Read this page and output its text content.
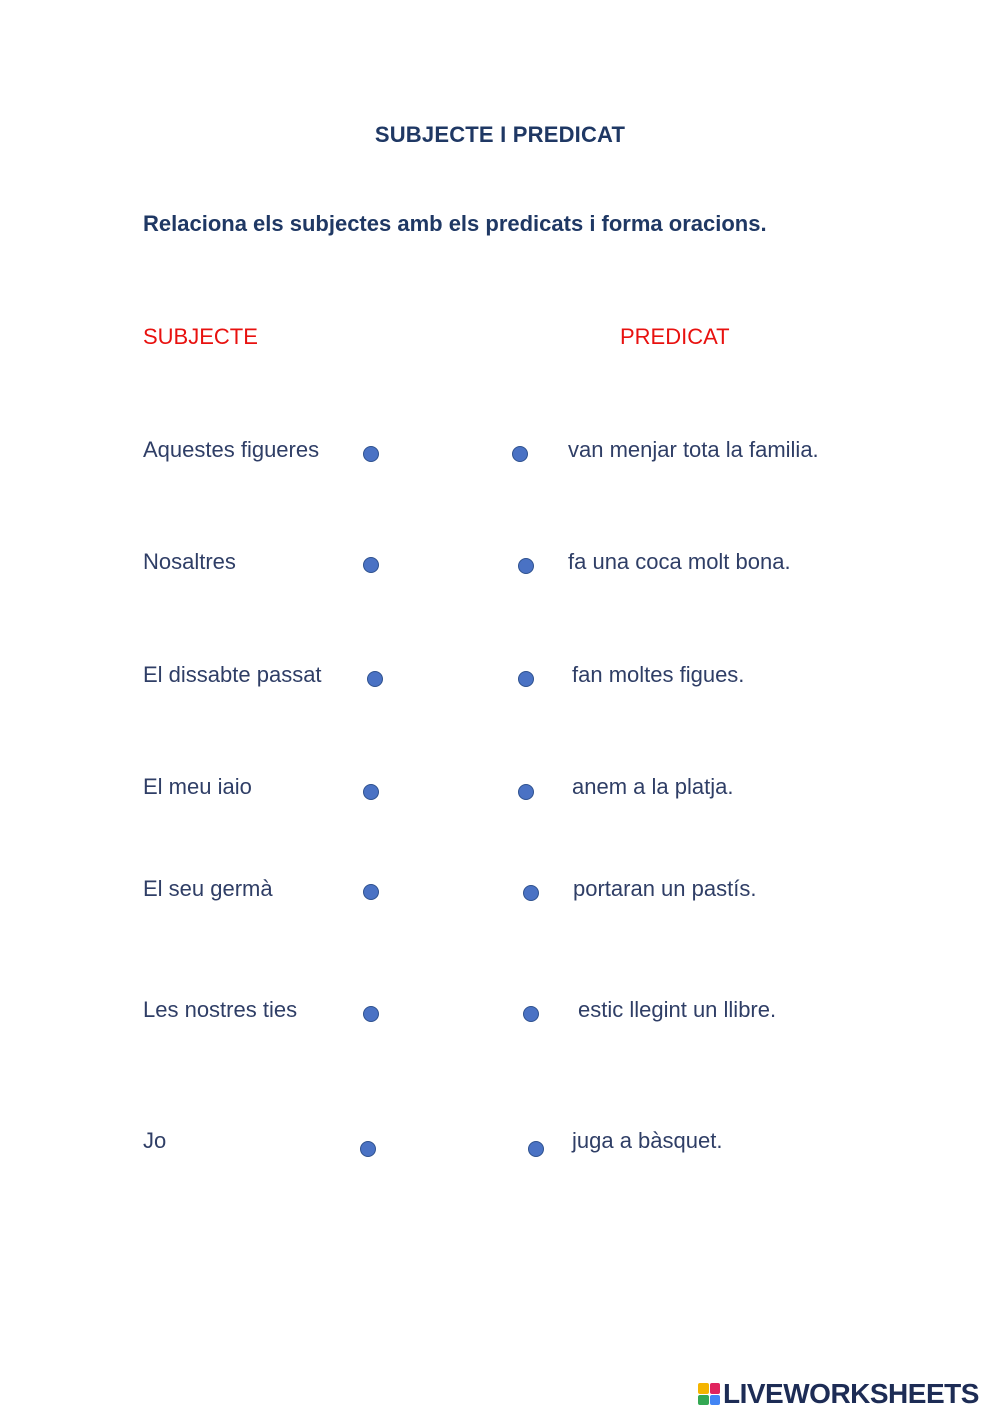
SUBJECTE I PREDICAT
Relaciona els subjectes amb els predicats i forma oracions.
SUBJECTE	PREDICAT
Aquestes figueres	van menjar tota la familia.
Nosaltres	fa una coca molt bona.
El dissabte passat	fan moltes figues.
El meu iaio	anem a la platja.
El seu germà	portaran un pastís.
Les nostres ties	estic llegint un llibre.
Jo	juga a bàsquet.
LIVEWORKSHEETS
